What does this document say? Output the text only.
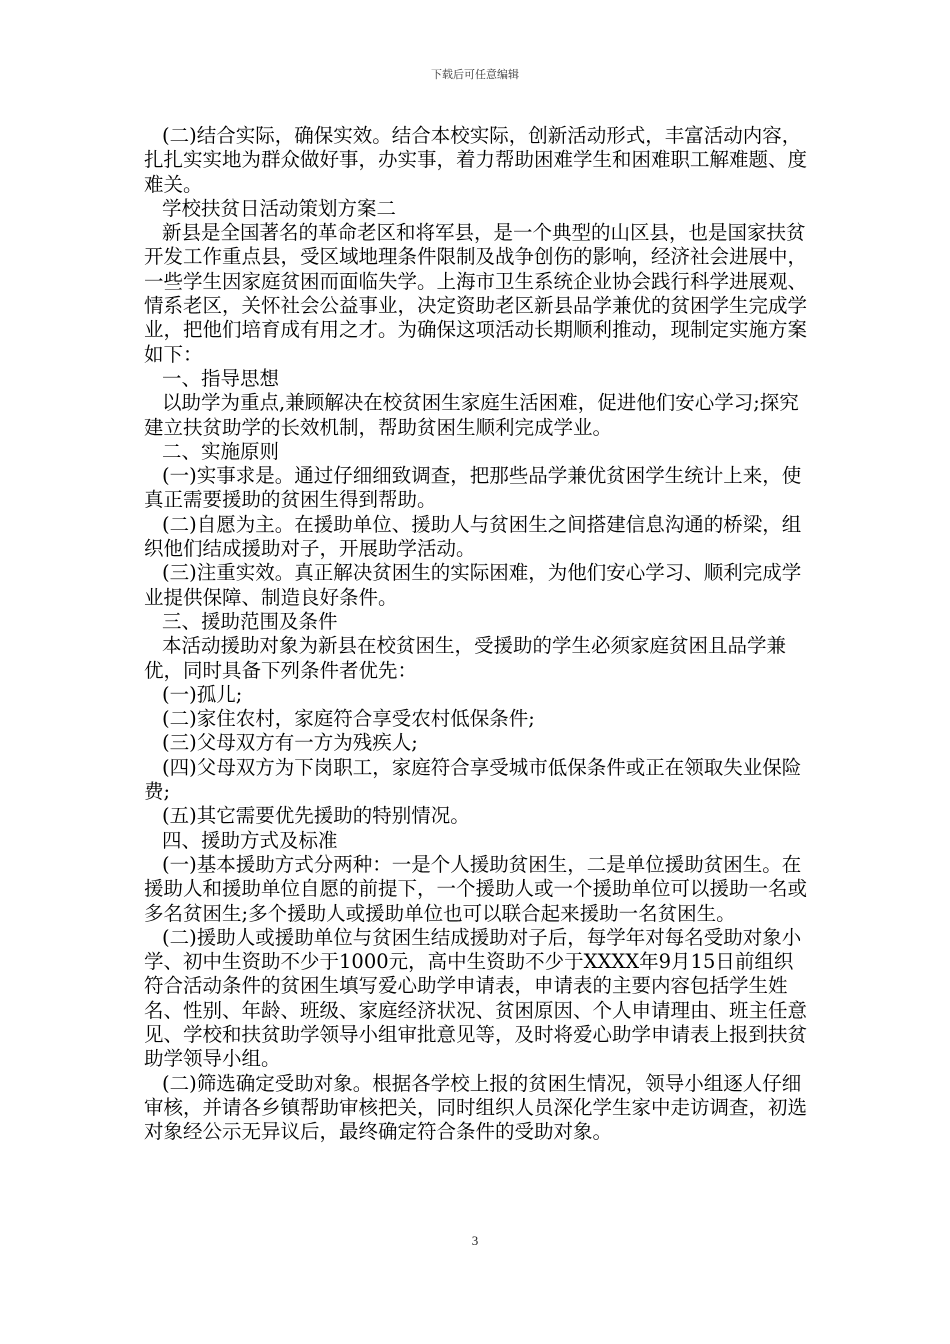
下载后可任意编辑

(二)结合实际，确保实效。结合本校实际，创新活动形式，丰富活动内容，扎扎实实地为群众做好事，办实事，着力帮助困难学生和困难职工解难题、度难关。

学校扶贫日活动策划方案二

新县是全国著名的革命老区和将军县，是一个典型的山区县，也是国家扶贫开发工作重点县，受区域地理条件限制及战争创伤的影响，经济社会进展中，一些学生因家庭贫困而面临失学。上海市卫生系统企业协会践行科学进展观、情系老区，关怀社会公益事业，决定资助老区新县品学兼优的贫困学生完成学业，把他们培育成有用之才。为确保这项活动长期顺利推动，现制定实施方案如下：

一、指导思想

以助学为重点,兼顾解决在校贫困生家庭生活困难，促进他们安心学习;探究建立扶贫助学的长效机制，帮助贫困生顺利完成学业。

二、实施原则

(一)实事求是。通过仔细细致调查，把那些品学兼优贫困学生统计上来，使真正需要援助的贫困生得到帮助。

(二)自愿为主。在援助单位、援助人与贫困生之间搭建信息沟通的桥梁，组织他们结成援助对子，开展助学活动。

(三)注重实效。真正解决贫困生的实际困难，为他们安心学习、顺利完成学业提供保障、制造良好条件。

三、援助范围及条件

本活动援助对象为新县在校贫困生，受援助的学生必须家庭贫困且品学兼优，同时具备下列条件者优先：

(一)孤儿;

(二)家住农村，家庭符合享受农村低保条件;

(三)父母双方有一方为残疾人;

(四)父母双方为下岗职工，家庭符合享受城市低保条件或正在领取失业保险费;

(五)其它需要优先援助的特别情况。

四、援助方式及标准

(一)基本援助方式分两种：一是个人援助贫困生，二是单位援助贫困生。在援助人和援助单位自愿的前提下，一个援助人或一个援助单位可以援助一名或多名贫困生;多个援助人或援助单位也可以联合起来援助一名贫困生。

(二)援助人或援助单位与贫困生结成援助对子后，每学年对每名受助对象小学、初中生资助不少于1000元，高中生资助不少于XXXX年9月15日前组织符合活动条件的贫困生填写爱心助学申请表，申请表的主要内容包括学生姓名、性别、年龄、班级、家庭经济状况、贫困原因、个人申请理由、班主任意见、学校和扶贫助学领导小组审批意见等，及时将爱心助学申请表上报到扶贫助学领导小组。

(二)筛选确定受助对象。根据各学校上报的贫困生情况，领导小组逐人仔细审核，并请各乡镇帮助审核把关，同时组织人员深化学生家中走访调查，初选对象经公示无异议后，最终确定符合条件的受助对象。

3
